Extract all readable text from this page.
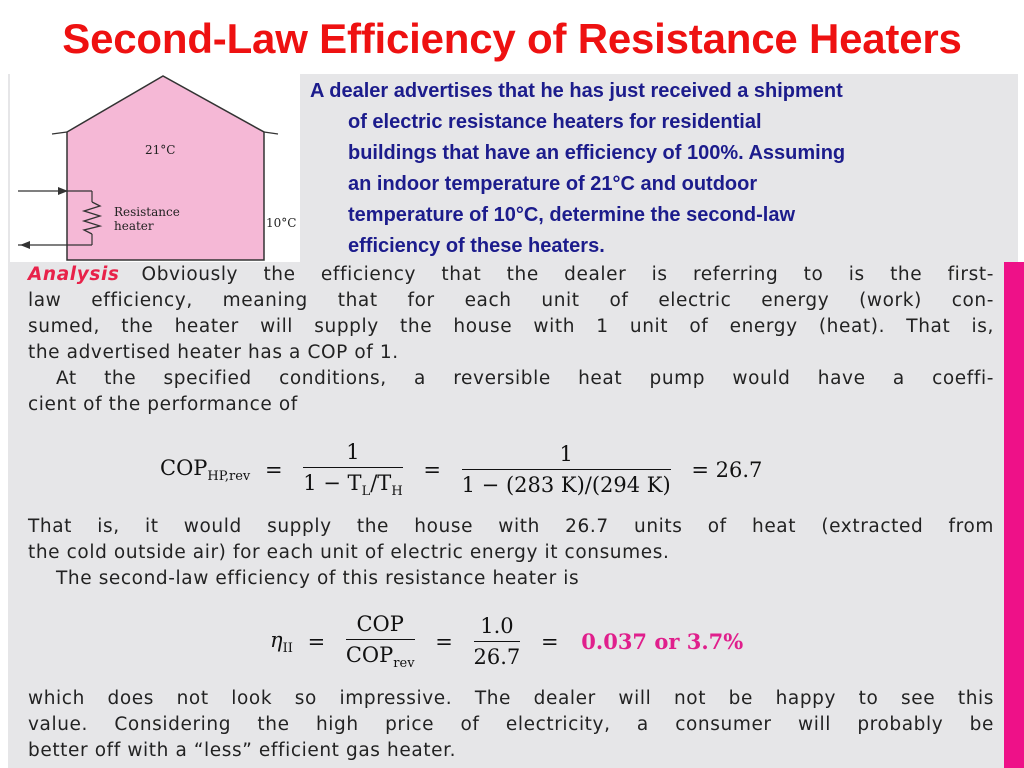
Second-Law Efficiency of Resistance Heaters
21°C
Resistance
heater	10°C
A dealer advertises that he has just received a shipment
of electric resistance heaters for residential
buildings that have an efficiency of 100%. Assuming
an indoor temperature of 21°C and outdoor
temperature of 10°C, determine the second-law
efficiency of these heaters.
Analysis Obviously the efficiency that the dealer is referring to is the first-
law efficiency, meaning that for each unit of electric energy (work) con-
sumed, the heater will supply the house with 1 unit of energy (heat). That is,
the advertised heater has a COP of 1.
At the specified conditions, a reversible heat pump would have a coeffi-
cient of the performance of
$COP_{HP,rev} = \frac{1}{1 - T_L/T_H} = \frac{1}{1 - (283 K)/(294 K)} = 26.7$
That is, it would supply the house with 26.7 units of heat (extracted from
the cold outside air) for each unit of electric energy it consumes.
The second-law efficiency of this resistance heater is
$\eta_{II} = \frac{\text{COP}}{COP_{rev}} = \frac{1.0}{26.7} = 0.037$ or 3.7%
which does not look so impressive. The dealer will not be happy to see this
value. Considering the high price of electricity, a consumer will probably be
better off with a “less” efficient gas heater.
